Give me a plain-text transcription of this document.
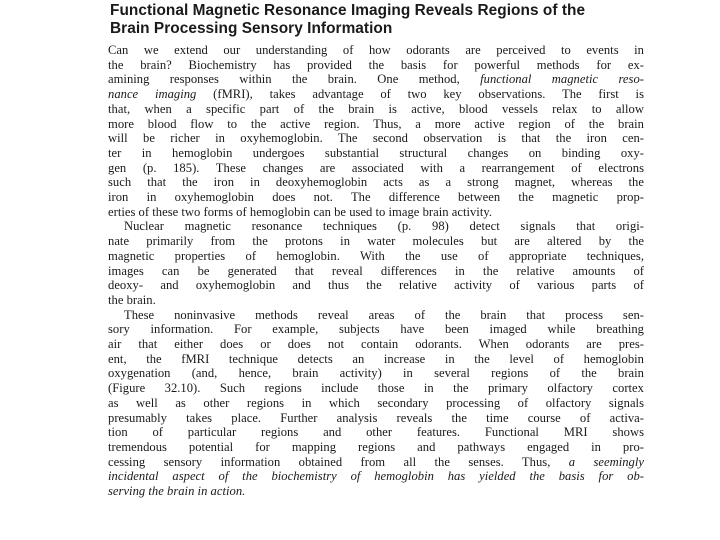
Functional Magnetic Resonance Imaging Reveals Regions of the
Brain Processing Sensory Information
Can we extend our understanding of how odorants are perceived to events in
the brain? Biochemistry has provided the basis for powerful methods for ex-
amining responses within the brain. One method, functional magnetic reso-
nance imaging (fMRI), takes advantage of two key observations. The first is
that, when a specific part of the brain is active, blood vessels relax to allow
more blood flow to the active region. Thus, a more active region of the brain
will be richer in oxyhemoglobin. The second observation is that the iron cen-
ter in hemoglobin undergoes substantial structural changes on binding oxy-
gen (p. 185). These changes are associated with a rearrangement of electrons
such that the iron in deoxyhemoglobin acts as a strong magnet, whereas the
iron in oxyhemoglobin does not. The difference between the magnetic prop-
erties of these two forms of hemoglobin can be used to image brain activity.
Nuclear magnetic resonance techniques (p. 98) detect signals that origi-
nate primarily from the protons in water molecules but are altered by the
magnetic properties of hemoglobin. With the use of appropriate techniques,
images can be generated that reveal differences in the relative amounts of
deoxy- and oxyhemoglobin and thus the relative activity of various parts of
the brain.
These noninvasive methods reveal areas of the brain that process sen-
sory information. For example, subjects have been imaged while breathing
air that either does or does not contain odorants. When odorants are pres-
ent, the fMRI technique detects an increase in the level of hemoglobin
oxygenation (and, hence, brain activity) in several regions of the brain
(Figure 32.10). Such regions include those in the primary olfactory cortex
as well as other regions in which secondary processing of olfactory signals
presumably takes place. Further analysis reveals the time course of activa-
tion of particular regions and other features. Functional MRI shows
tremendous potential for mapping regions and pathways engaged in pro-
cessing sensory information obtained from all the senses. Thus, a seemingly
incidental aspect of the biochemistry of hemoglobin has yielded the basis for ob-
serving the brain in action.
